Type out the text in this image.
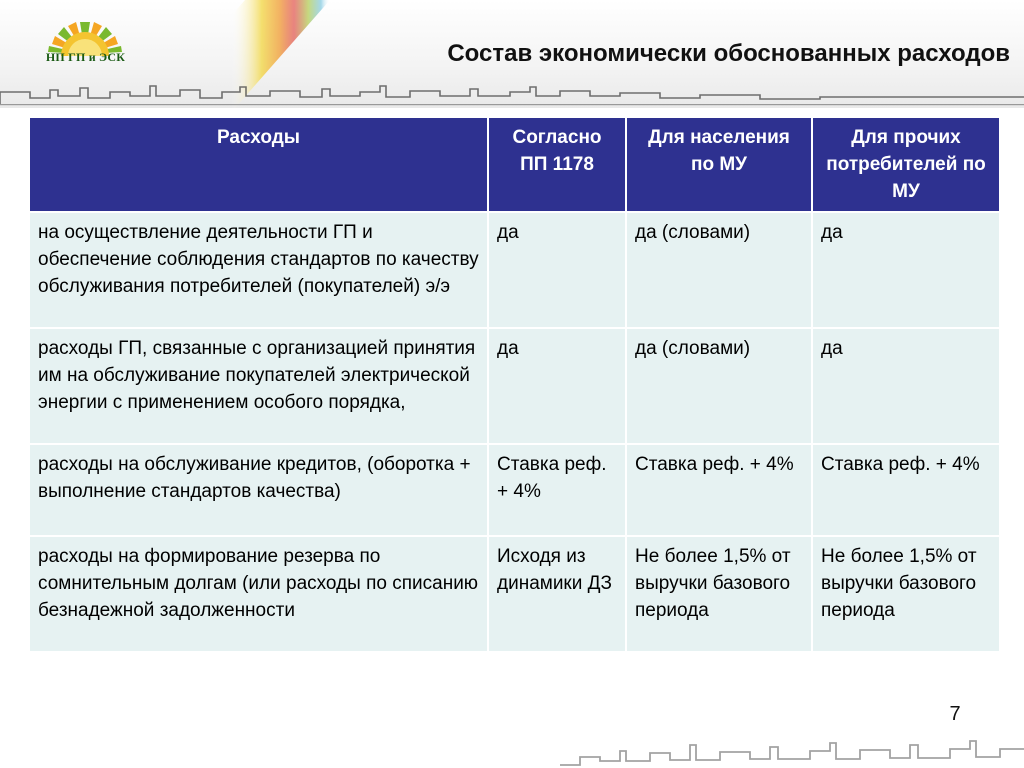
НП ГП и ЭСК	Состав экономически обоснованных расходов
Расходы	Согласно ПП 1178	Для населения по МУ	Для прочих потребителей по МУ
на осуществление деятельности ГП и обеспечение соблюдения стандартов по качеству обслуживания потребителей (покупателей) э/э	да	да (словами)	да
расходы ГП, связанные с организацией принятия им на обслуживание покупателей электрической энергии с применением особого порядка,	да	да (словами)	да
расходы на обслуживание кредитов, (оборотка + выполнение стандартов качества)	Ставка реф. + 4%	Ставка реф. + 4%	Ставка реф. + 4%
расходы на формирование резерва по сомнительным долгам (или расходы по списанию безнадежной задолженности	Исходя из динамики ДЗ	Не более 1,5% от выручки базового периода	Не более 1,5% от выручки базового периода
7
